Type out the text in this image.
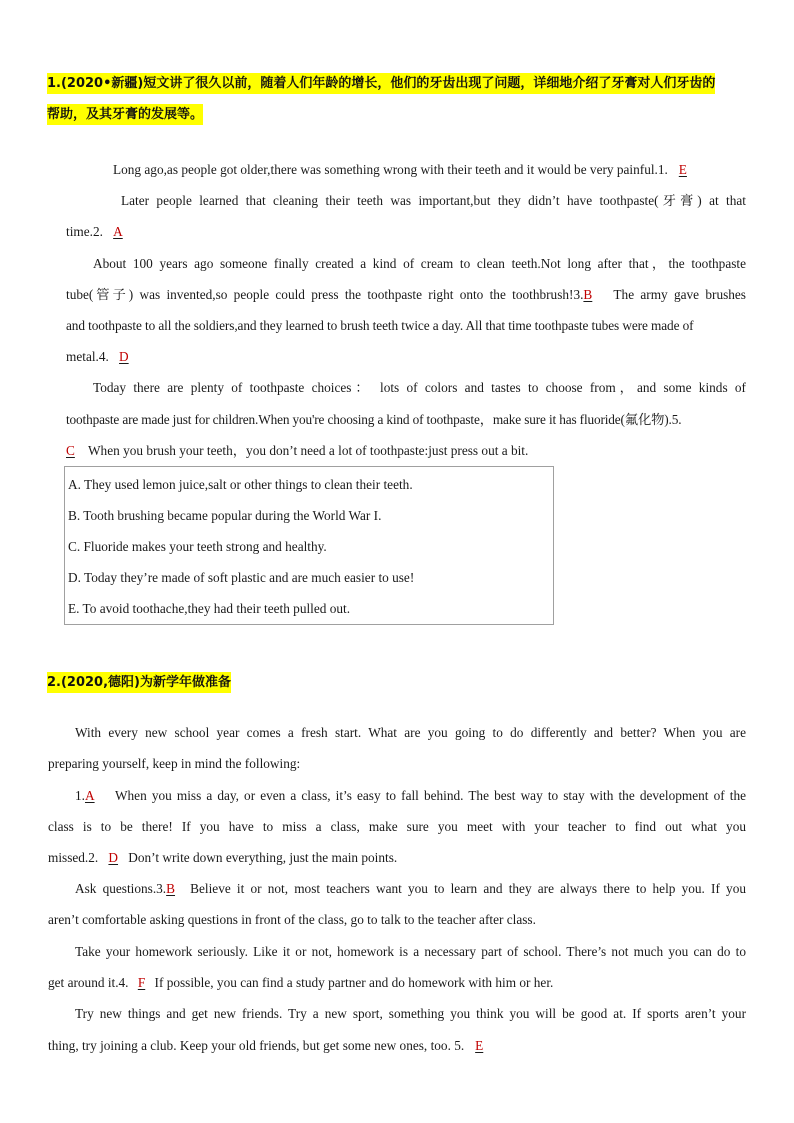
1.(2020•新疆)短文讲了很久以前，随着人们年龄的增长，他们的牙齿出现了问题，详细地介绍了牙膏对人们牙齿的
帮助，及其牙膏的发展等。
Long ago,as people got older,there was something wrong with their teeth and it would be very painful.1. E
Later people learned that cleaning their teeth was important,but they didn’t have toothpaste(牙膏) at that
time.2. A
About 100 years ago someone finally created a kind of cream to clean teeth.Not long after that，the toothpaste
tube(管子) was invented,so people could press the toothpaste right onto the toothbrush!3.B The army gave brushes
and toothpaste to all the soldiers,and they learned to brush teeth twice a day. All that time toothpaste tubes were made of
metal.4. D
Today there are plenty of toothpaste choices： lots of colors and tastes to choose from，and some kinds of
toothpaste are made just for children.When you're choosing a kind of toothpaste，make sure it has fluoride(氟化物).5.
C When you brush your teeth，you don’t need a lot of toothpaste:just press out a bit.
A. They used lemon juice,salt or other things to clean their teeth.
B. Tooth brushing became popular during the World War I.
C. Fluoride makes your teeth strong and healthy.
D. Today they’re made of soft plastic and are much easier to use!
E. To avoid toothache,they had their teeth pulled out.
2.(2020,德阳)为新学年做准备
With every new school year comes a fresh start. What are you going to do differently and better? When you are
preparing yourself, keep in mind the following:
1.A When you miss a day, or even a class, it’s easy to fall behind. The best way to stay with the development of the
class is to be there! If you have to miss a class, make sure you meet with your teacher to find out what you
missed.2. D Don’t write down everything, just the main points.
Ask questions.3.B Believe it or not, most teachers want you to learn and they are always there to help you. If you
aren’t comfortable asking questions in front of the class, go to talk to the teacher after class.
Take your homework seriously. Like it or not, homework is a necessary part of school. There’s not much you can do to
get around it.4. F If possible, you can find a study partner and do homework with him or her.
Try new things and get new friends. Try a new sport, something you think you will be good at. If sports aren’t your
thing, try joining a club. Keep your old friends, but get some new ones, too. 5. E
